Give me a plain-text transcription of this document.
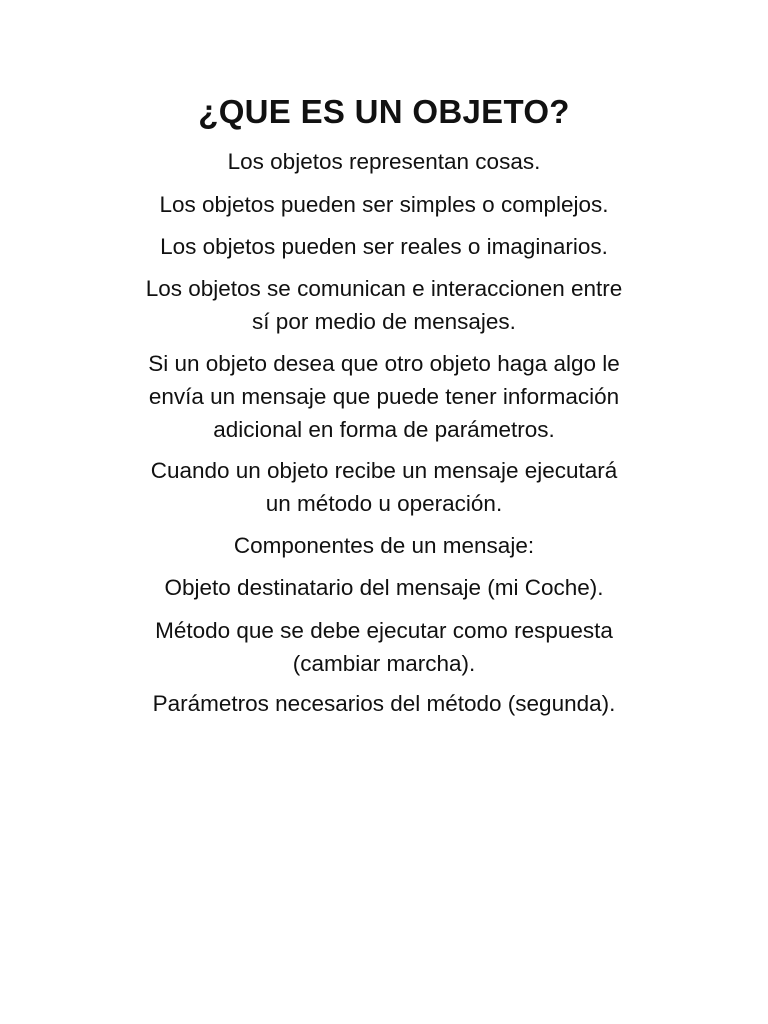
¿QUE ES UN OBJETO?

Los objetos representan cosas.

Los objetos pueden ser simples o complejos.

Los objetos pueden ser reales o imaginarios.

Los objetos se comunican e interaccionen entre
sí por medio de mensajes.

Si un objeto desea que otro objeto haga algo le
envía un mensaje que puede tener información
adicional en forma de parámetros.

Cuando un objeto recibe un mensaje ejecutará
un método u operación.

Componentes de un mensaje:

Objeto destinatario del mensaje (mi Coche).

Método que se debe ejecutar como respuesta
(cambiar marcha).

Parámetros necesarios del método (segunda).
